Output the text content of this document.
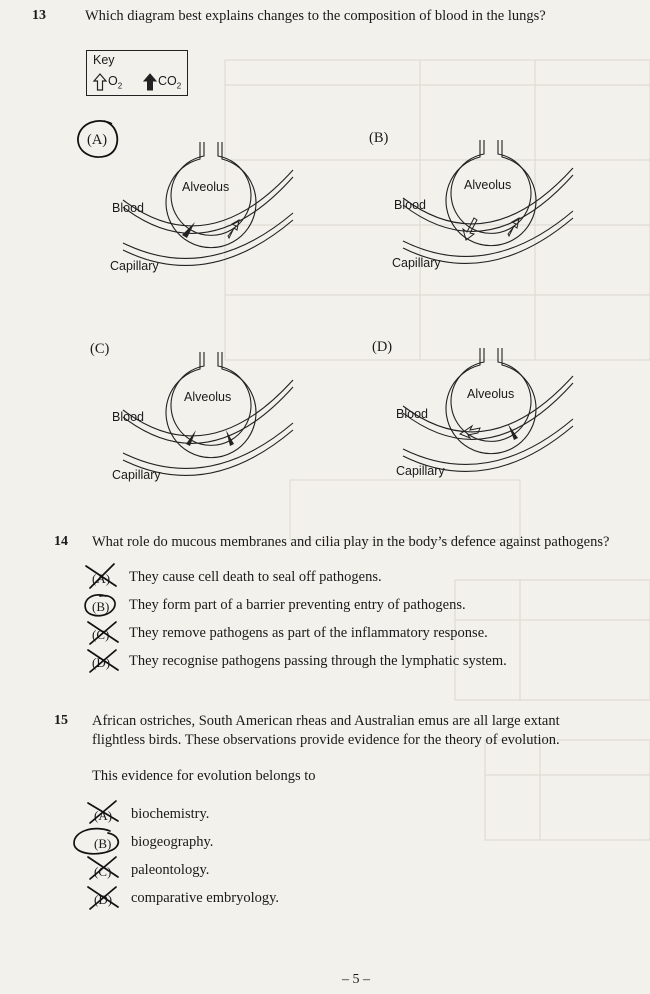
13	Which diagram best explains changes to the composition of blood in the lungs?
Key
$O_2$	$CO_2$
(A)
Alveolus
Blood
Capillary
(B)
Alveolus
Blood
Capillary
(C)
Alveolus
Blood
Capillary
(D)
Alveolus
Blood
Capillary
14 What role do mucous membranes and cilia play in the body’s defence against pathogens?
(A) They cause cell death to seal off pathogens.
(B) They form part of a barrier preventing entry of pathogens.
(C) They remove pathogens as part of the inflammatory response.
(D) They recognise pathogens passing through the lymphatic system.
15 African ostriches, South American rheas and Australian emus are all large extant
flightless birds. These observations provide evidence for the theory of evolution.
This evidence for evolution belongs to
(A) biochemistry.
(B) biogeography.
(C) paleontology.
(D) comparative embryology.
– 5 –
